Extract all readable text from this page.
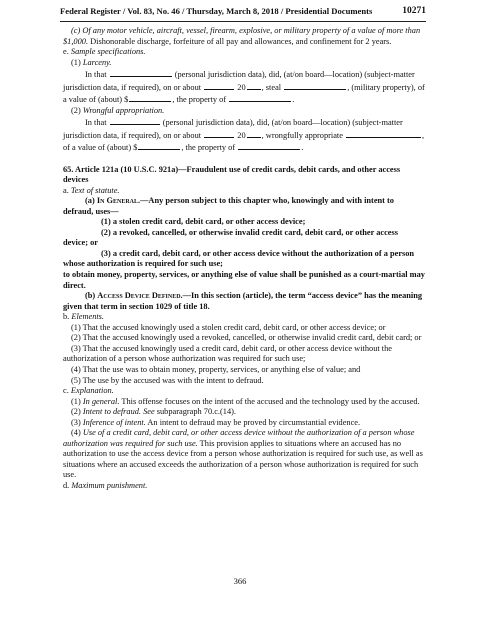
Federal Register / Vol. 83, No. 46 / Thursday, March 8, 2018 / Presidential Documents	10271

(c) Of any motor vehicle, aircraft, vessel, firearm, explosive, or military property of a value of more than $1,000. Dishonorable discharge, forfeiture of all pay and allowances, and confinement for 2 years.

e. Sample specifications.

(1) Larceny.

In that	(personal jurisdiction data), did, (at/on board—location) (subject-matter jurisdiction data, if required), on or about	20 , steal	, (military property), of a value of (about) $	, the property of	.

(2) Wrongful appropriation.

In that	(personal jurisdiction data), did, (at/on board—location) (subject-matter jurisdiction data, if required), on or about	20 , wrongfully appropriate	, of a value of (about) $	, the property of	.

65. Article 121a (10 U.S.C. 921a)—Fraudulent use of credit cards, debit cards, and other access devices

a. Text of statute.

(a) In General.—Any person subject to this chapter who, knowingly and with intent to defraud, uses—

(1) a stolen credit card, debit card, or other access device;

(2) a revoked, cancelled, or otherwise invalid credit card, debit card, or other access device; or

(3) a credit card, debit card, or other access device without the authorization of a person whose authorization is required for such use;

to obtain money, property, services, or anything else of value shall be punished as a court-martial may direct.

(b) Access Device Defined.—In this section (article), the term “access device” has the meaning given that term in section 1029 of title 18.

b. Elements.

(1) That the accused knowingly used a stolen credit card, debit card, or other access device; or

(2) That the accused knowingly used a revoked, cancelled, or otherwise invalid credit card, debit card; or

(3) That the accused knowingly used a credit card, debit card, or other access device without the authorization of a person whose authorization was required for such use;

(4) That the use was to obtain money, property, services, or anything else of value; and

(5) The use by the accused was with the intent to defraud.

c. Explanation.

(1) In general. This offense focuses on the intent of the accused and the technology used by the accused.

(2) Intent to defraud. See subparagraph 70.c.(14).

(3) Inference of intent. An intent to defraud may be proved by circumstantial evidence.

(4) Use of a credit card, debit card, or other access device without the authorization of a person whose authorization was required for such use. This provision applies to situations where an accused has no authorization to use the access device from a person whose authorization is required for such use, as well as situations where an accused exceeds the authorization of a person whose authorization is required for such use.

d. Maximum punishment.

366
